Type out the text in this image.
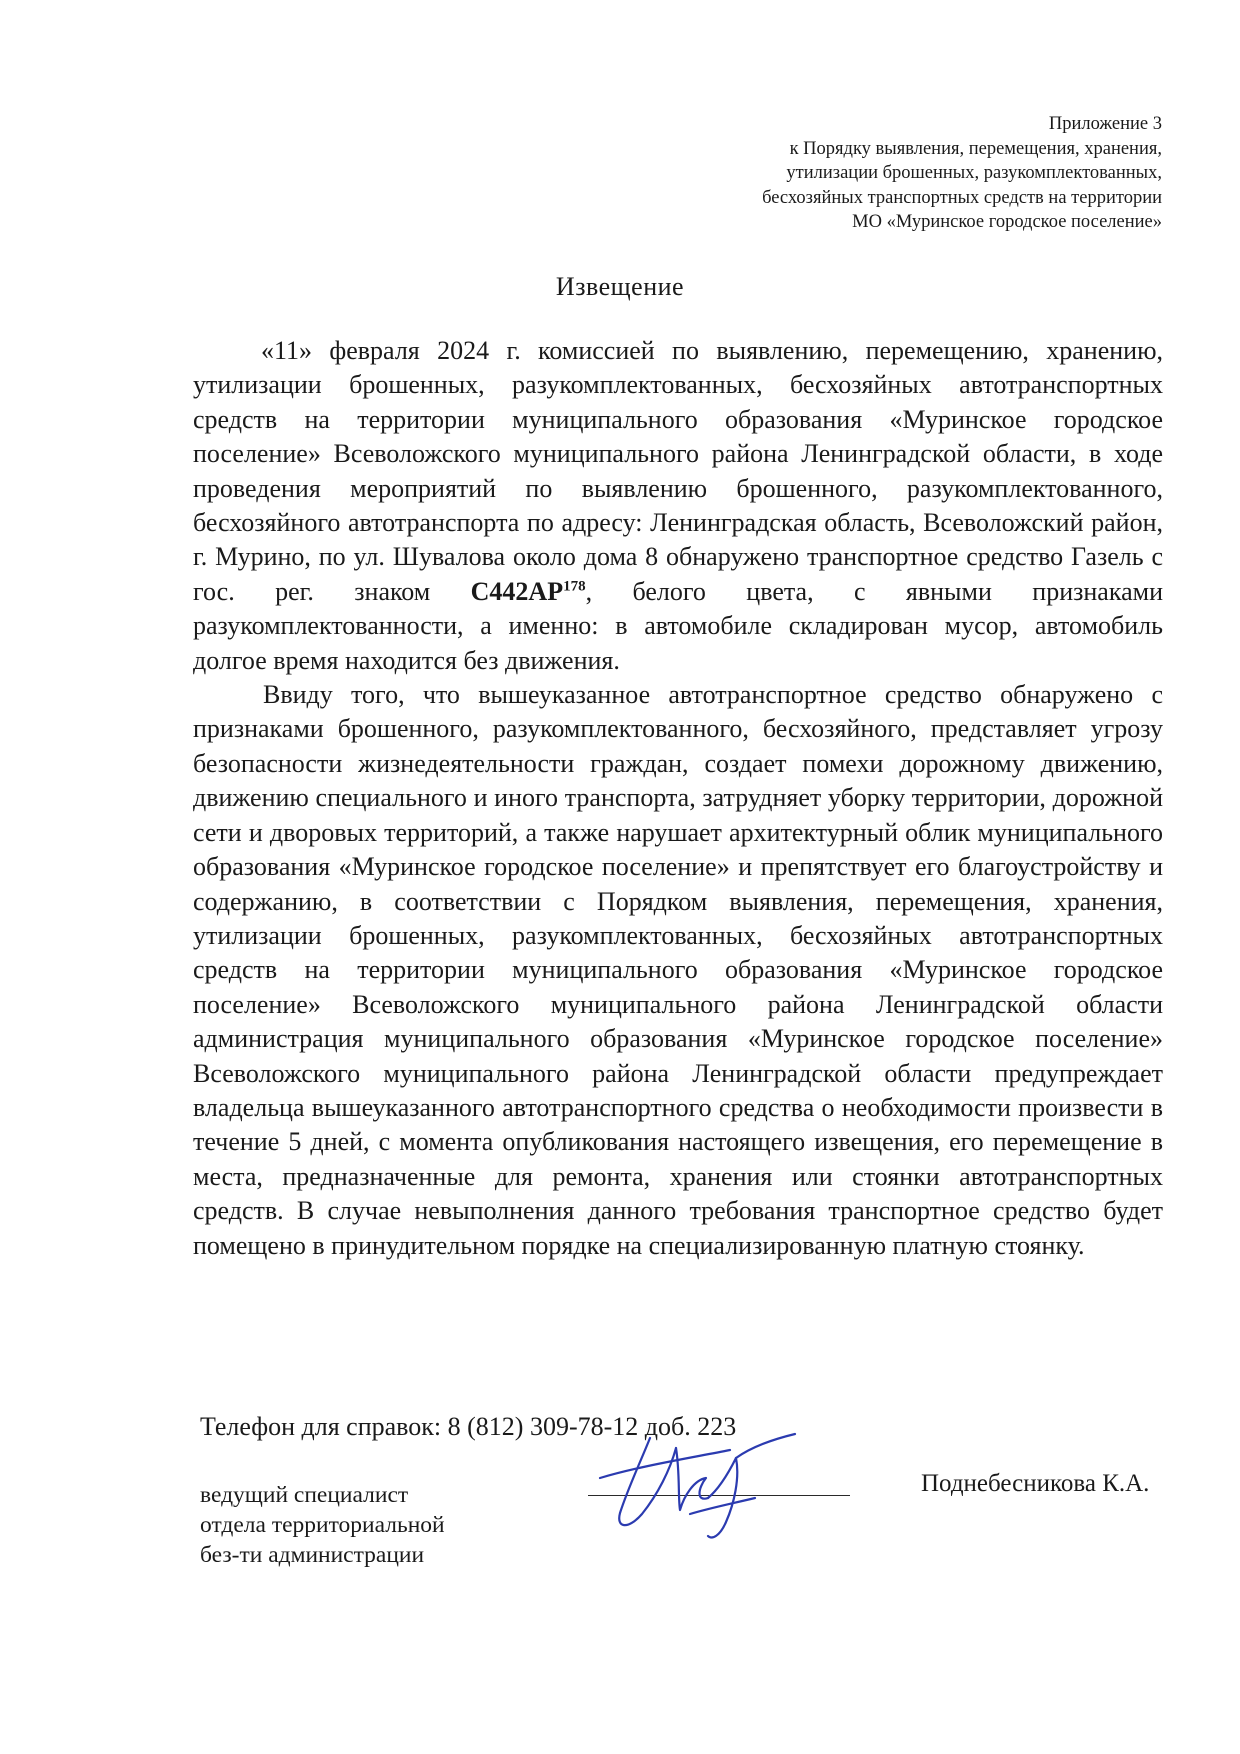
Приложение 3
к Порядку выявления, перемещения, хранения,
утилизации брошенных, разукомплектованных,
бесхозяйных транспортных средств на территории
МО «Муринское городское поселение»
Извещение

«11» февраля 2024 г. комиссией по выявлению, перемещению, хранению, утилизации брошенных, разукомплектованных, бесхозяйных автотранспортных средств на территории муниципального образования «Муринское городское поселение» Всеволожского муниципального района Ленинградской области, в ходе проведения мероприятий по выявлению брошенного, разукомплектованного, бесхозяйного автотранспорта по адресу: Ленинградская область, Всеволожский район, г. Мурино, по ул. Шувалова около дома 8 обнаружено транспортное средство Газель с гос. рег. знаком С442АР$^{178}$, белого цвета, с явными признаками разукомплектованности, а именно: в автомобиле складирован мусор, автомобиль долгое время находится без движения.

Ввиду того, что вышеуказанное автотранспортное средство обнаружено с признаками брошенного, разукомплектованного, бесхозяйного, представляет угрозу безопасности жизнедеятельности граждан, создает помехи дорожному движению, движению специального и иного транспорта, затрудняет уборку территории, дорожной сети и дворовых территорий, а также нарушает архитектурный облик муниципального образования «Муринское городское поселение» и препятствует его благоустройству и содержанию, в соответствии с Порядком выявления, перемещения, хранения, утилизации брошенных, разукомплектованных, бесхозяйных автотранспортных средств на территории муниципального образования «Муринское городское поселение» Всеволожского муниципального района Ленинградской области администрация муниципального образования «Муринское городское поселение» Всеволожского муниципального района Ленинградской области предупреждает владельца вышеуказанного автотранспортного средства о необходимости произвести в течение 5 дней, с момента опубликования настоящего извещения, его перемещение в места, предназначенные для ремонта, хранения или стоянки автотранспортных средств. В случае невыполнения данного требования транспортное средство будет помещено в принудительном порядке на специализированную платную стоянку.

Телефон для справок: 8 (812) 309-78-12 доб. 223
ведущий специалист
отдела территориальной
без-ти администрации
Поднебесникова К.А.
